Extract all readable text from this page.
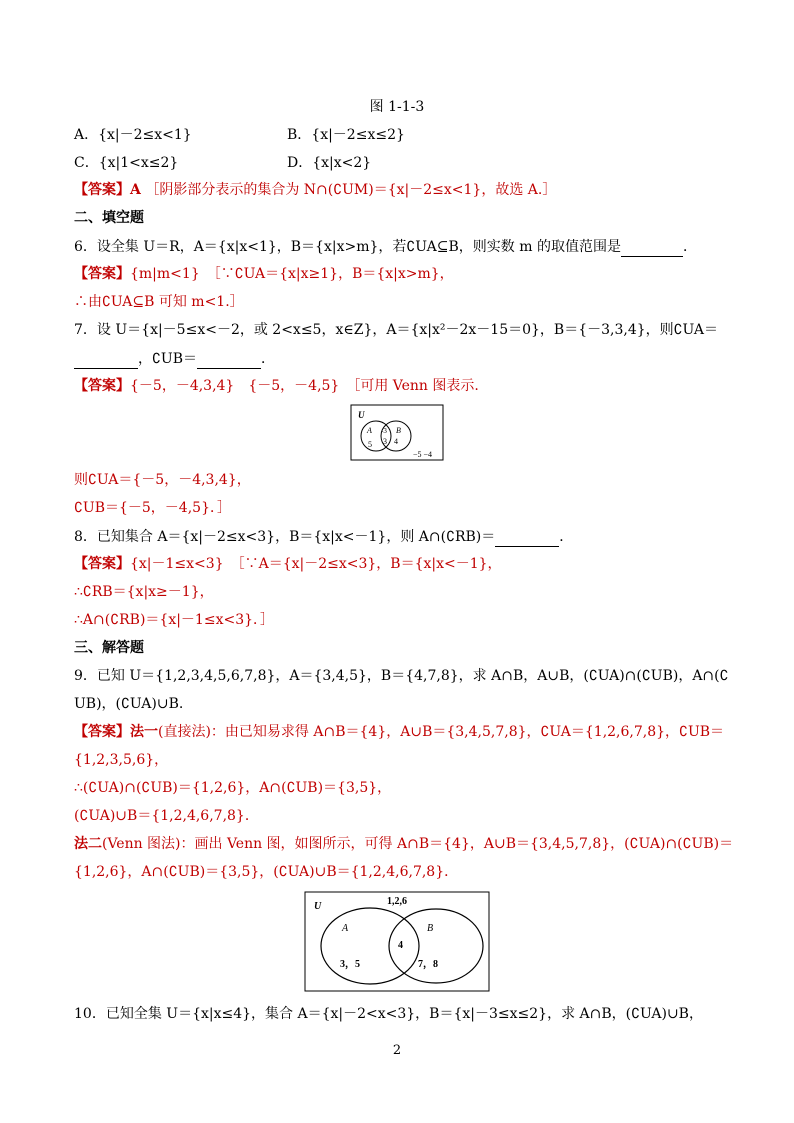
图 1-1-3
A．{x|－2≤x<1}	B．{x|－2≤x≤2}
C．{x|1<x≤2}	D．{x|x<2}
【答案】A ［阴影部分表示的集合为 N∩(∁UM)＝{x|－2≤x<1}，故选 A.］
二、填空题
6．设全集 U＝R，A＝{x|x<1}，B＝{x|x>m}，若∁UA⊆B，则实数 m 的取值范围是	．
【答案】{m|m<1}　［∵∁UA＝{x|x≥1}，B＝{x|x>m}，
∴由∁UA⊆B 可知 m<1.］
7．设 U＝{x|－5≤x<－2，或 2<x≤5，x∈Z}，A＝{x|x²－2x－15＝0}，B＝{－3,3,4}，则∁UA＝
，∁UB＝	．
【答案】{－5，－4,3,4}　{－5，－4,5}　［可用 Venn 图表示.
U
A	B
-3
5 3 4
−5 −4
则∁UA＝{－5，－4,3,4}，
∁UB＝{－5，－4,5}．］
8．已知集合 A＝{x|－2≤x<3}，B＝{x|x<－1}，则 A∩(∁RB)＝	．
【答案】{x|－1≤x<3}　［∵A＝{x|－2≤x<3}，B＝{x|x<－1}，
∴∁RB＝{x|x≥－1}，
∴A∩(∁RB)＝{x|－1≤x<3}．］
三、解答题
9．已知 U＝{1,2,3,4,5,6,7,8}，A＝{3,4,5}，B＝{4,7,8}，求 A∩B，A∪B，(∁UA)∩(∁UB)，A∩(∁
UB)，(∁UA)∪B.
【答案】法一(直接法)：由已知易求得 A∩B＝{4}，A∪B＝{3,4,5,7,8}，∁UA＝{1,2,6,7,8}，∁UB＝
{1,2,3,5,6}，
∴(∁UA)∩(∁UB)＝{1,2,6}，A∩(∁UB)＝{3,5}，
(∁UA)∪B＝{1,2,4,6,7,8}．
法二(Venn 图法)：画出 Venn 图，如图所示，可得 A∩B＝{4}，A∪B＝{3,4,5,7,8}，(∁UA)∩(∁UB)＝
{1,2,6}，A∩(∁UB)＝{3,5}，(∁UA)∪B＝{1,2,4,6,7,8}．
U	1,2,6
A	B
3，5
4
7，8
10．已知全集 U＝{x|x≤4}，集合 A＝{x|－2<x<3}，B＝{x|－3≤x≤2}，求 A∩B，(∁UA)∪B，
2
